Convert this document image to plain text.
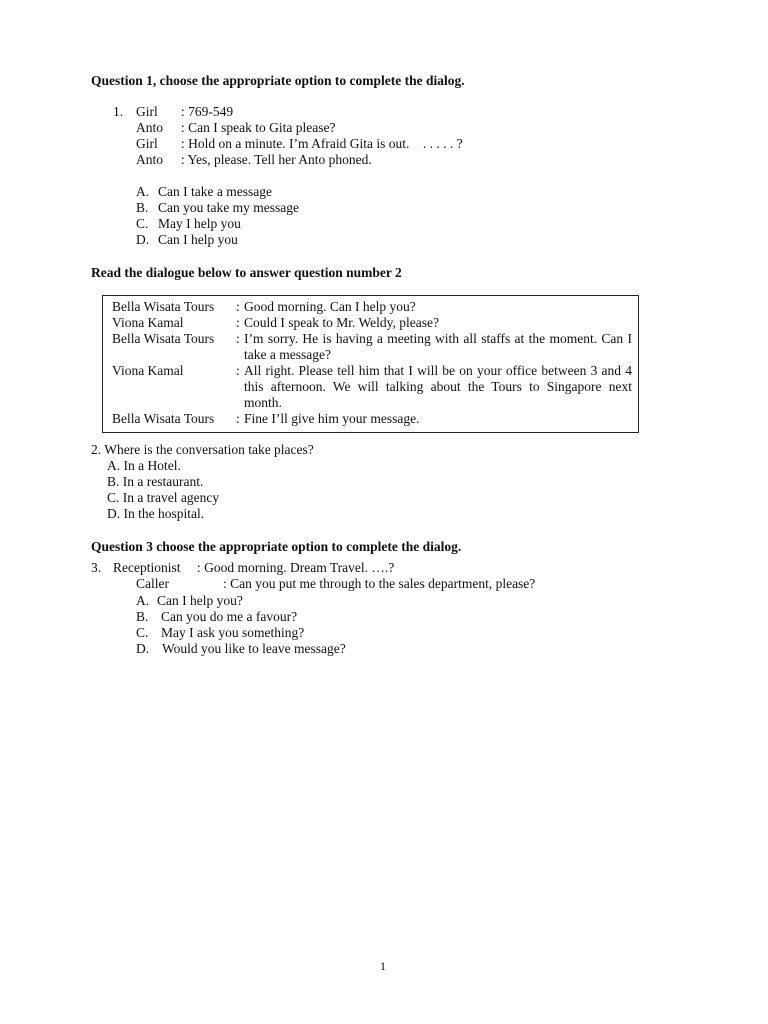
Question 1, choose the appropriate option to complete the dialog.
1. Girl : 769-549
Anto : Can I speak to Gita please?
Girl : Hold on a minute. I’m Afraid Gita is out.    . . . . . ?
Anto : Yes, please. Tell her Anto phoned.
A. Can I take a message
B. Can you take my message
C. May I help you
D. Can I help you
Read the dialogue below to answer question number 2
Bella Wisata Tours : Good morning. Can I help you?
Viona Kamal	: Could I speak to Mr. Weldy, please?
Bella Wisata Tours : I’m sorry. He is having a meeting with all staffs at the moment. Can I take a message?
Viona Kamal	: All right. Please tell him that I will be on your office between 3 and 4 this afternoon. We will talking about the Tours to Singapore next month.
Bella Wisata Tours : Fine I’ll give him your message.
2. Where is the conversation take places?
A. In a Hotel.
B. In a restaurant.
C. In a travel agency
D. In the hospital.
Question 3 choose the appropriate option to complete the dialog.
3. Receptionist : Good morning. Dream Travel. ….?
Caller	: Can you put me through to the sales department, please?
A. Can I help you?
B. Can you do me a favour?
C. May I ask you something?
D. Would you like to leave message?
1
